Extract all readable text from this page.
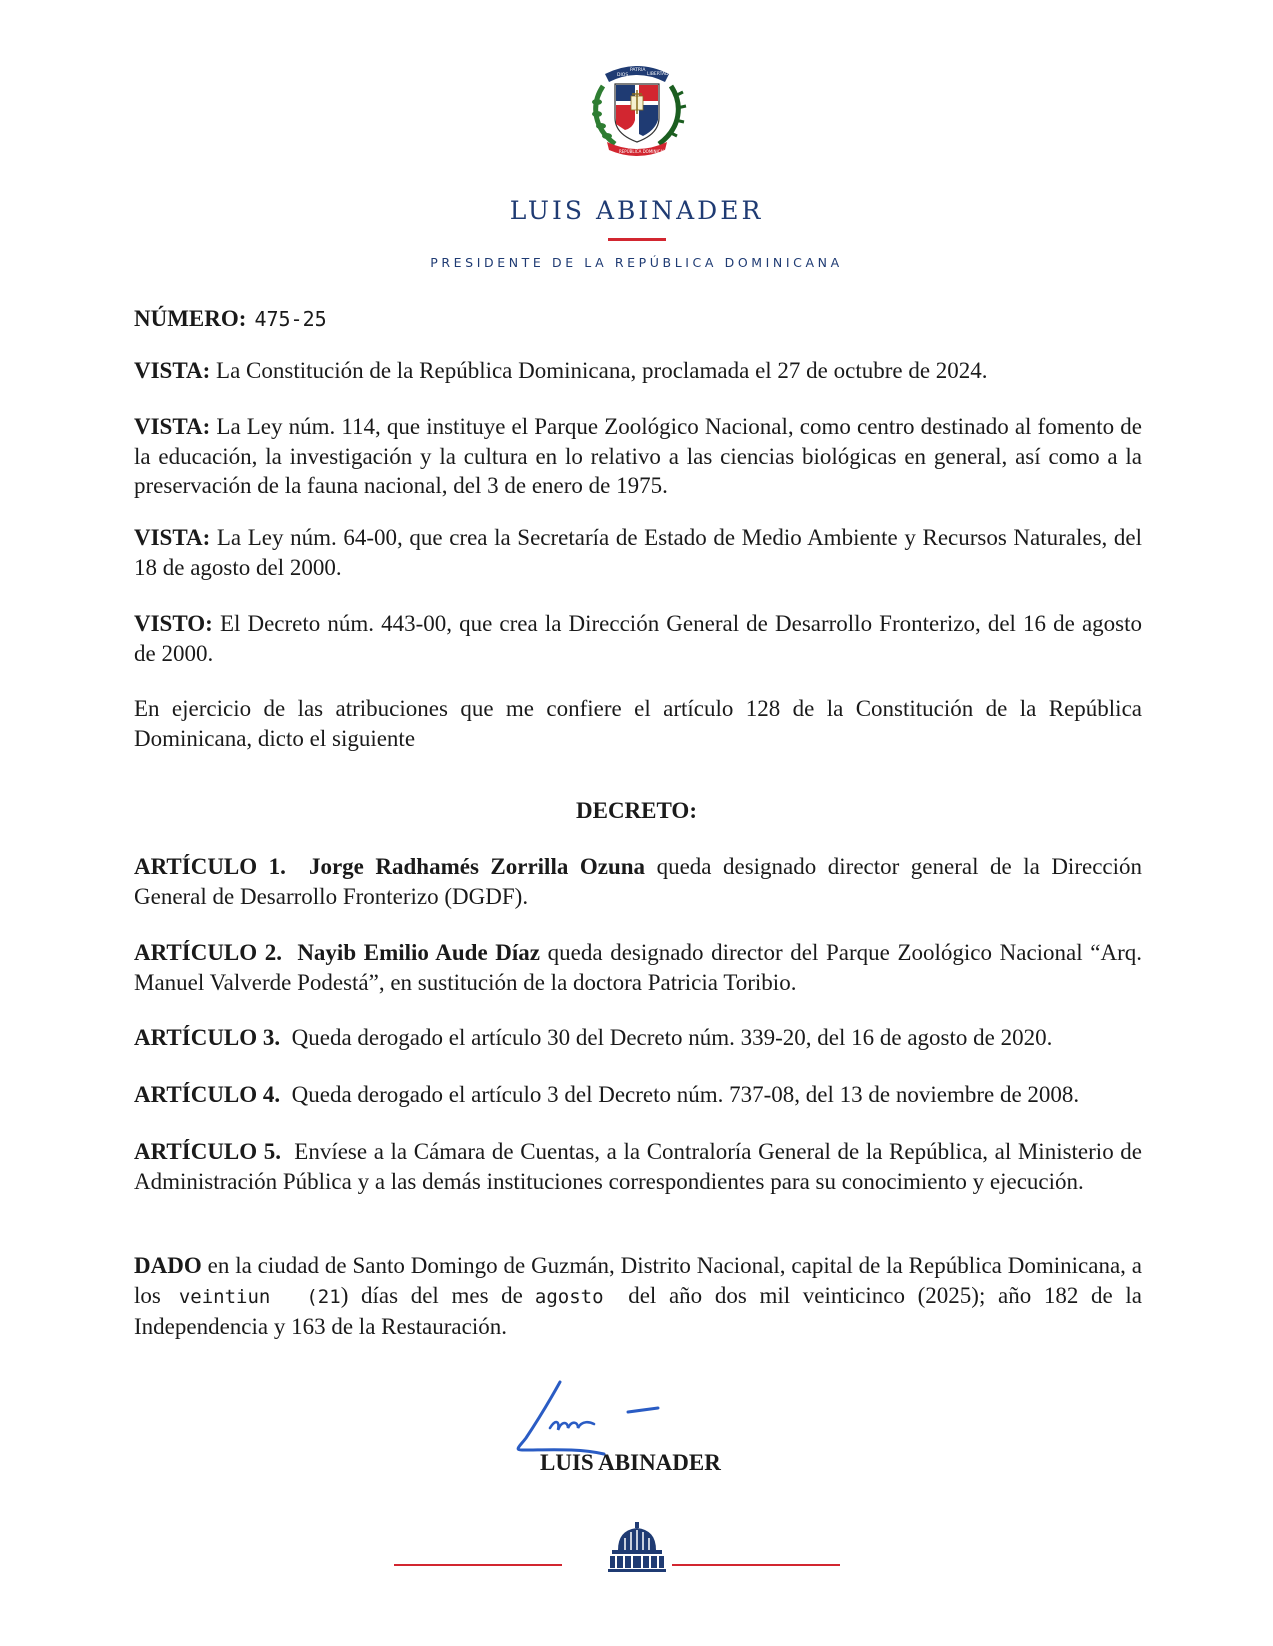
DIOS
PATRIA
LIBERTAD
REPÚBLICA DOMINICANA
LUIS ABINADER
PRESIDENTE DE LA REPÚBLICA DOMINICANA
NÚMERO: 475-25
VISTA: La Constitución de la República Dominicana, proclamada el 27 de octubre de 2024.
VISTA: La Ley núm. 114, que instituye el Parque Zoológico Nacional, como centro destinado al fomento de la educación, la investigación y la cultura en lo relativo a las ciencias biológicas en general, así como a la preservación de la fauna nacional, del 3 de enero de 1975.
VISTA: La Ley núm. 64-00, que crea la Secretaría de Estado de Medio Ambiente y Recursos Naturales, del 18 de agosto del 2000.
VISTO: El Decreto núm. 443-00, que crea la Dirección General de Desarrollo Fronterizo, del 16 de agosto de 2000.
En ejercicio de las atribuciones que me confiere el artículo 128 de la Constitución de la República Dominicana, dicto el siguiente
DECRETO:
ARTÍCULO 1. Jorge Radhamés Zorrilla Ozuna queda designado director general de la Dirección General de Desarrollo Fronterizo (DGDF).
ARTÍCULO 2. Nayib Emilio Aude Díaz queda designado director del Parque Zoológico Nacional “Arq. Manuel Valverde Podestá”, en sustitución de la doctora Patricia Toribio.
ARTÍCULO 3. Queda derogado el artículo 30 del Decreto núm. 339-20, del 16 de agosto de 2020.
ARTÍCULO 4. Queda derogado el artículo 3 del Decreto núm. 737-08, del 13 de noviembre de 2008.
ARTÍCULO 5. Envíese a la Cámara de Cuentas, a la Contraloría General de la República, al Ministerio de Administración Pública y a las demás instituciones correspondientes para su conocimiento y ejecución.
DADO en la ciudad de Santo Domingo de Guzmán, Distrito Nacional, capital de la República Dominicana, a los veintiun (21) días del mes de agosto del año dos mil veinticinco (2025); año 182 de la Independencia y 163 de la Restauración.
LUIS ABINADER
